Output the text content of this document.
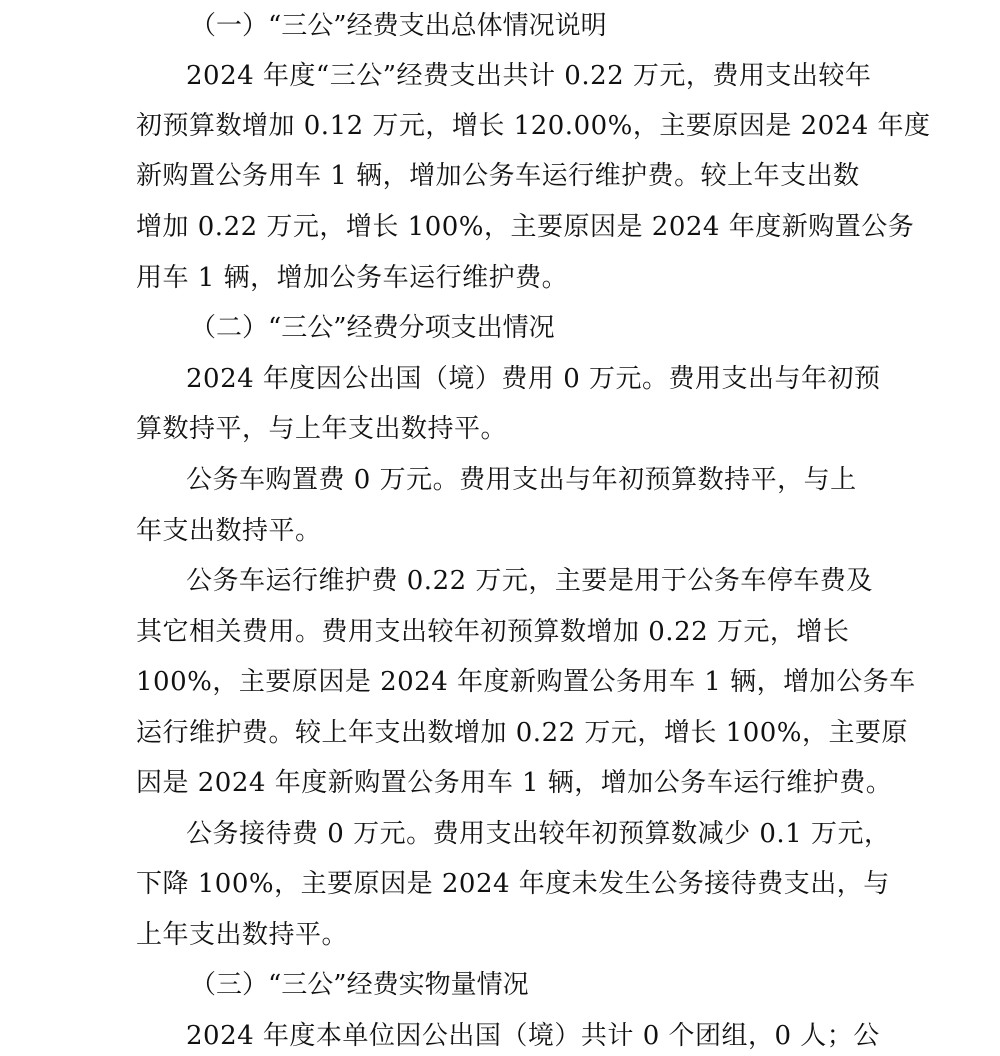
（一）“三公”经费支出总体情况说明
2024 年度“三公”经费支出共计 0.22 万元，费用支出较年
初预算数增加 0.12 万元，增长 120.00%，主要原因是 2024 年度
新购置公务用车 1 辆，增加公务车运行维护费。较上年支出数
增加 0.22 万元，增长 100%，主要原因是 2024 年度新购置公务
用车 1 辆，增加公务车运行维护费。
（二）“三公”经费分项支出情况
2024 年度因公出国（境）费用 0 万元。费用支出与年初预
算数持平，与上年支出数持平。
公务车购置费 0 万元。费用支出与年初预算数持平，与上
年支出数持平。
公务车运行维护费 0.22 万元，主要是用于公务车停车费及
其它相关费用。费用支出较年初预算数增加 0.22 万元，增长
100%，主要原因是 2024 年度新购置公务用车 1 辆，增加公务车
运行维护费。较上年支出数增加 0.22 万元，增长 100%，主要原
因是 2024 年度新购置公务用车 1 辆，增加公务车运行维护费。
公务接待费 0 万元。费用支出较年初预算数减少 0.1 万元，
下降 100%，主要原因是 2024 年度未发生公务接待费支出，与
上年支出数持平。
（三）“三公”经费实物量情况
2024 年度本单位因公出国（境）共计 0 个团组，0 人；公
